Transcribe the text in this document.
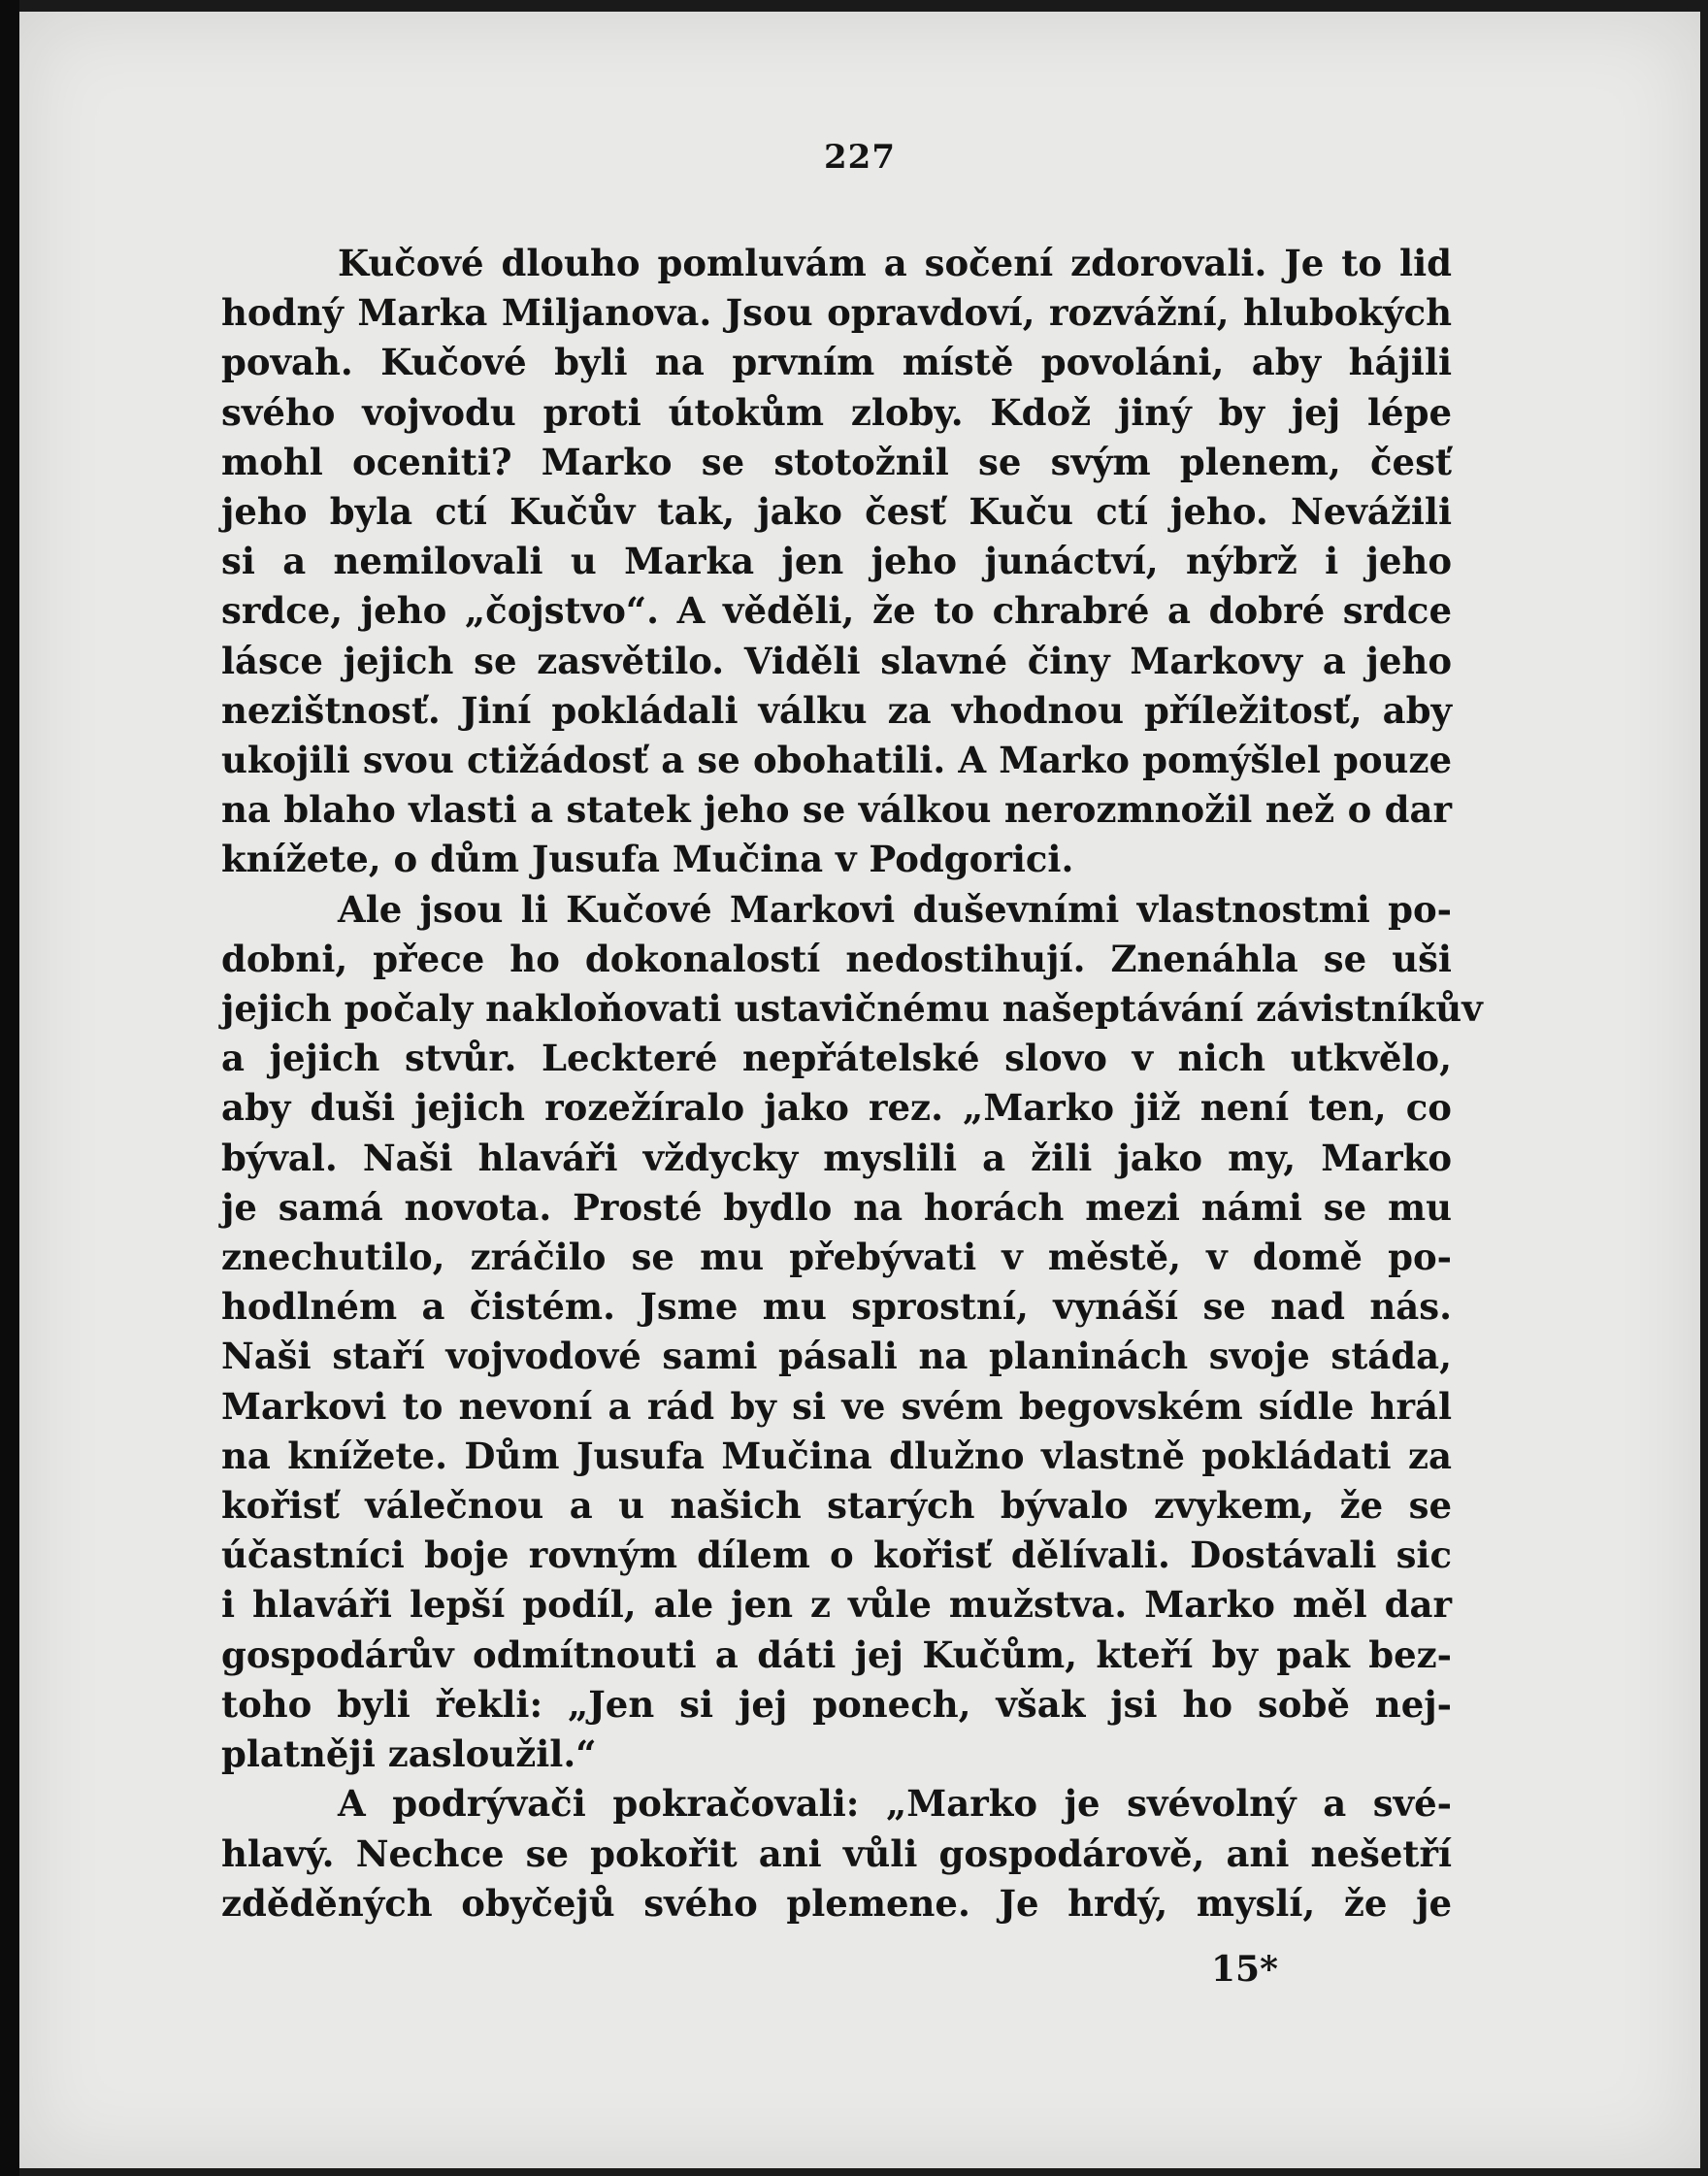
227
Kučové dlouho pomluvám a sočení zdorovali. Je to lid
hodný Marka Miljanova. Jsou opravdoví, rozvážní, hlubokých
povah. Kučové byli na prvním místě povoláni, aby hájili
svého vojvodu proti útokům zloby. Kdož jiný by jej lépe
mohl oceniti? Marko se stotožnil se svým plenem, česť
jeho byla ctí Kučův tak, jako česť Kuču ctí jeho. Nevážili
si a nemilovali u Marka jen jeho junáctví, nýbrž i jeho
srdce, jeho „čojstvo“. A věděli, že to chrabré a dobré srdce
lásce jejich se zasvětilo. Viděli slavné činy Markovy a jeho
nezištnosť. Jiní pokládali válku za vhodnou příležitosť, aby
ukojili svou ctižádosť a se obohatili. A Marko pomýšlel pouze
na blaho vlasti a statek jeho se válkou nerozmnožil než o dar
knížete, o dům Jusufa Mučina v Podgorici.
Ale jsou li Kučové Markovi duševními vlastnostmi po-
dobni, přece ho dokonalostí nedostihují. Znenáhla se uši
jejich počaly nakloňovati ustavičnému našeptávání závistníkův
a jejich stvůr. Leckteré nepřátelské slovo v nich utkvělo,
aby duši jejich rozežíralo jako rez. „Marko již není ten, co
býval. Naši hlaváři vždycky myslili a žili jako my, Marko
je samá novota. Prosté bydlo na horách mezi námi se mu
znechutilo, zráčilo se mu přebývati v městě, v domě po-
hodlném a čistém. Jsme mu sprostní, vynáší se nad nás.
Naši staří vojvodové sami pásali na planinách svoje stáda,
Markovi to nevoní a rád by si ve svém begovském sídle hrál
na knížete. Dům Jusufa Mučina dlužno vlastně pokládati za
kořisť válečnou a u našich starých bývalo zvykem, že se
účastníci boje rovným dílem o kořisť dělívali. Dostávali sic
i hlaváři lepší podíl, ale jen z vůle mužstva. Marko měl dar
gospodárův odmítnouti a dáti jej Kučům, kteří by pak bez-
toho byli řekli: „Jen si jej ponech, však jsi ho sobě nej-
platněji zasloužil.“
A podrývači pokračovali: „Marko je svévolný a své-
hlavý. Nechce se pokořit ani vůli gospodárově, ani nešetří
zděděných obyčejů svého plemene. Je hrdý, myslí, že je
15*
